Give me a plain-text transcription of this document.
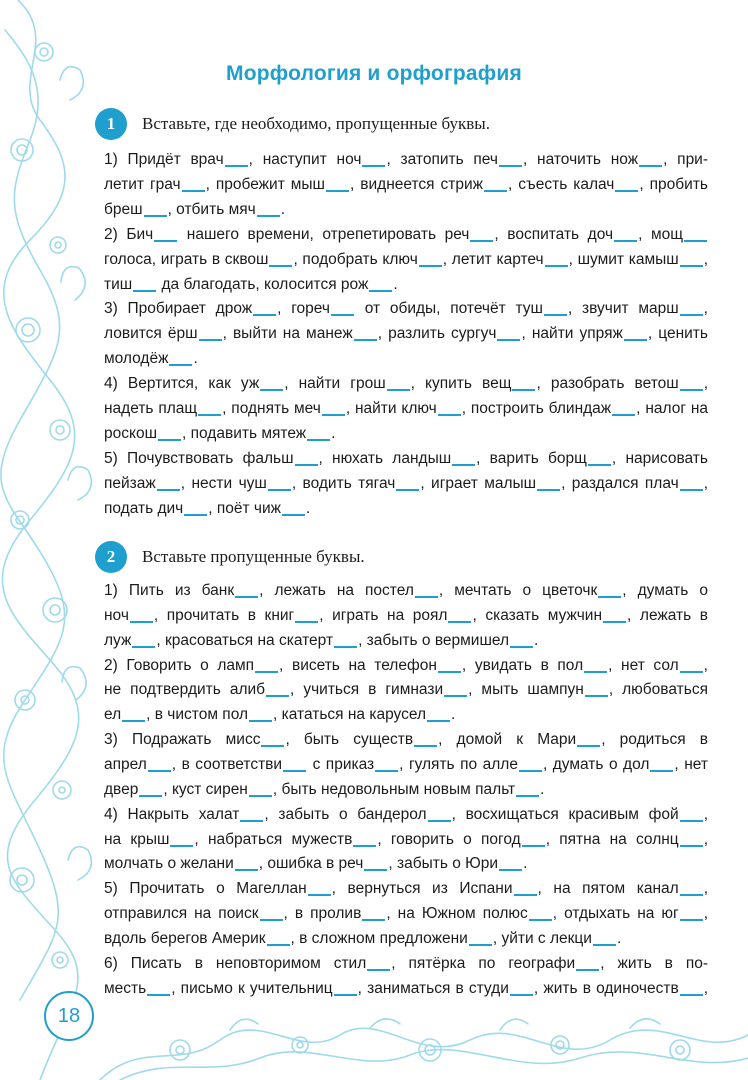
Морфология и орфография
1	Вставьте, где необходимо, пропущенные буквы.
1) Придёт врач , наступит ноч , затопить печ , наточить нож , при-
летит грач , пробежит мыш , виднеется стриж , съесть калач , пробить
бреш , отбить мяч .
2) Бич нашего времени, отрепетировать реч , воспитать доч , мощ
голоса, играть в сквош , подобрать ключ , летит картеч , шумит камыш ,
тиш да благодать, колосится рож .
3) Пробирает дрож , гореч от обиды, потечёт туш , звучит марш ,
ловится ёрш , выйти на манеж , разлить сургуч , найти упряж , ценить
молодёж .
4) Вертится, как уж , найти грош , купить вещ , разобрать ветош ,
надеть плащ , поднять меч , найти ключ , построить блиндаж , налог на
роскош , подавить мятеж .
5) Почувствовать фальш , нюхать ландыш , варить борщ , нарисовать
пейзаж , нести чуш , водить тягач , играет малыш , раздался плач ,
подать дич , поёт чиж .
2	Вставьте пропущенные буквы.
1) Пить из банк , лежать на постел , мечтать о цветочк , думать о
ноч , прочитать в книг , играть на роял , сказать мужчин , лежать в
луж , красоваться на скатерт , забыть о вермишел .
2) Говорить о ламп , висеть на телефон , увидать в пол , нет сол ,
не подтвердить алиб , учиться в гимнази , мыть шампун , любоваться
ел , в чистом пол , кататься на карусел .
3) Подражать мисс , быть существ , домой к Мари , родиться в
апрел , в соответстви с приказ , гулять по алле , думать о дол , нет
двер , куст сирен , быть недовольным новым пальт .
4) Накрыть халат , забыть о бандерол , восхищаться красивым фой ,
на крыш , набраться мужеств , говорить о погод , пятна на солнц ,
молчать о желани , ошибка в реч , забыть о Юри .
5) Прочитать о Магеллан , вернуться из Испани , на пятом канал ,
отправился на поиск , в пролив , на Южном полюс , отдыхать на юг ,
вдоль берегов Америк , в сложном предложени , уйти с лекци .
6) Писать в неповторимом стил , пятёрка по географи , жить в по-
месть , письмо к учительниц , заниматься в студи , жить в одиночеств ,
18
